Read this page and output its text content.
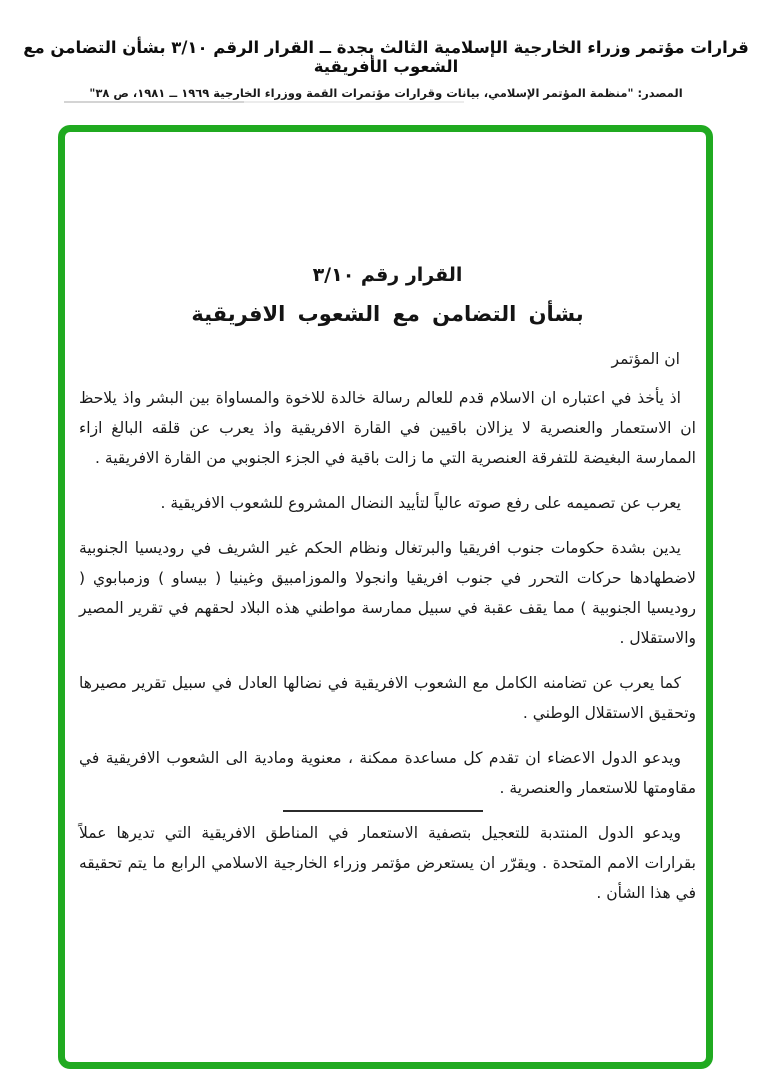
قرارات مؤتمر وزراء الخارجية الإسلامية الثالث بجدة ــ القرار الرقم ٣/١٠ بشأن التضامن مع الشعوب الأفريقية
المصدر: "منظمة المؤتمر الإسلامي، بيانات وقرارات مؤتمرات القمة ووزراء الخارجية ١٩٦٩ ــ ١٩٨١، ص ٣٨"
القرار رقم ٣/١٠
بشأن التضامن مع الشعوب الافريقية
ان المؤتمر

اذ يأخذ في اعتباره ان الاسلام قدم للعالم رسالة خالدة للاخوة والمساواة بين البشر واذ يلاحظ ان الاستعمار والعنصرية لا يزالان باقيين في القارة الافريقية واذ يعرب عن قلقه البالغ ازاء الممارسة البغيضة للتفرقة العنصرية التي ما زالت باقية في الجزء الجنوبي من القارة الافريقية .

يعرب عن تصميمه على رفع صوته عالياً لتأييد النضال المشروع للشعوب الافريقية .

يدين بشدة حكومات جنوب افريقيا والبرتغال ونظام الحكم غير الشريف في روديسيا الجنوبية لاضطهادها حركات التحرر في جنوب افريقيا وانجولا والموزامبيق وغينيا ( بيساو ) وزمبابوي ( روديسيا الجنوبية ) مما يقف عقبة في سبيل ممارسة مواطني هذه البلاد لحقهم في تقرير المصير والاستقلال .

كما يعرب عن تضامنه الكامل مع الشعوب الافريقية في نضالها العادل في سبيل تقرير مصيرها وتحقيق الاستقلال الوطني .

ويدعو الدول الاعضاء ان تقدم كل مساعدة ممكنة ، معنوية ومادية الى الشعوب الافريقية في مقاومتها للاستعمار والعنصرية .

ويدعو الدول المنتدبة للتعجيل بتصفية الاستعمار في المناطق الافريقية التي تديرها عملاً بقرارات الامم المتحدة . ويقرّر ان يستعرض مؤتمر وزراء الخارجية الاسلامي الرابع ما يتم تحقيقه في هذا الشأن .
